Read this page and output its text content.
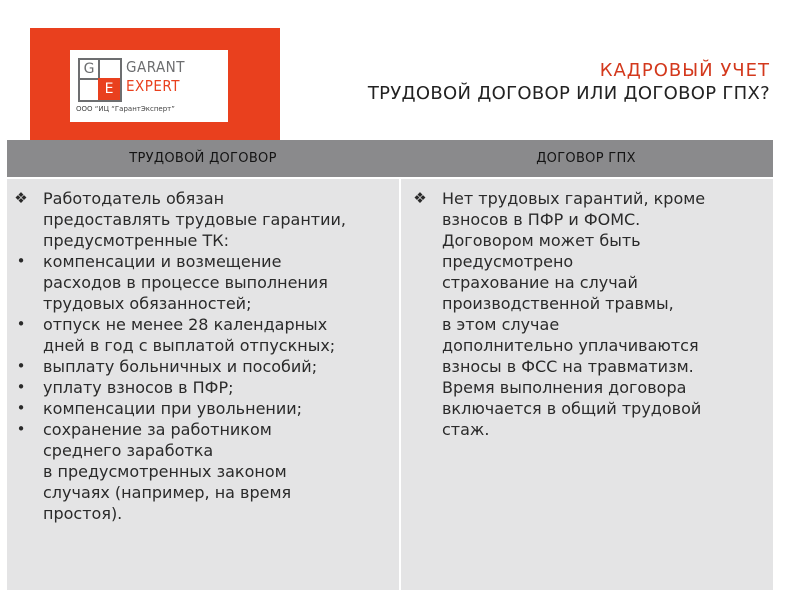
G
E
GARANT
EXPERT
ООО “ИЦ “ГарантЭксперт”
КАДРОВЫЙ УЧЕТ
ТРУДОВОЙ ДОГОВОР ИЛИ ДОГОВОР ГПХ?
ТРУДОВОЙ ДОГОВОР	ДОГОВОР ГПХ
❖ Работодатель обязан
предоставлять трудовые гарантии,
предусмотренные ТК:
•	компенсации и возмещение
расходов в процессе выполнения
трудовых обязанностей;
•	отпуск не менее 28 календарных
дней в год с выплатой отпускных;
•	выплату больничных и пособий;
•	уплату взносов в ПФР;
•	компенсации при увольнении;
•	сохранение за работником
среднего заработка
в предусмотренных законом
случаях (например, на время
простоя).
❖ Нет трудовых гарантий, кроме
взносов в ПФР и ФОМС.
Договором может быть
предусмотрено
страхование на случай
производственной травмы,
в этом случае
дополнительно уплачиваются
взносы в ФСС на травматизм.
Время выполнения договора
включается в общий трудовой
стаж.
